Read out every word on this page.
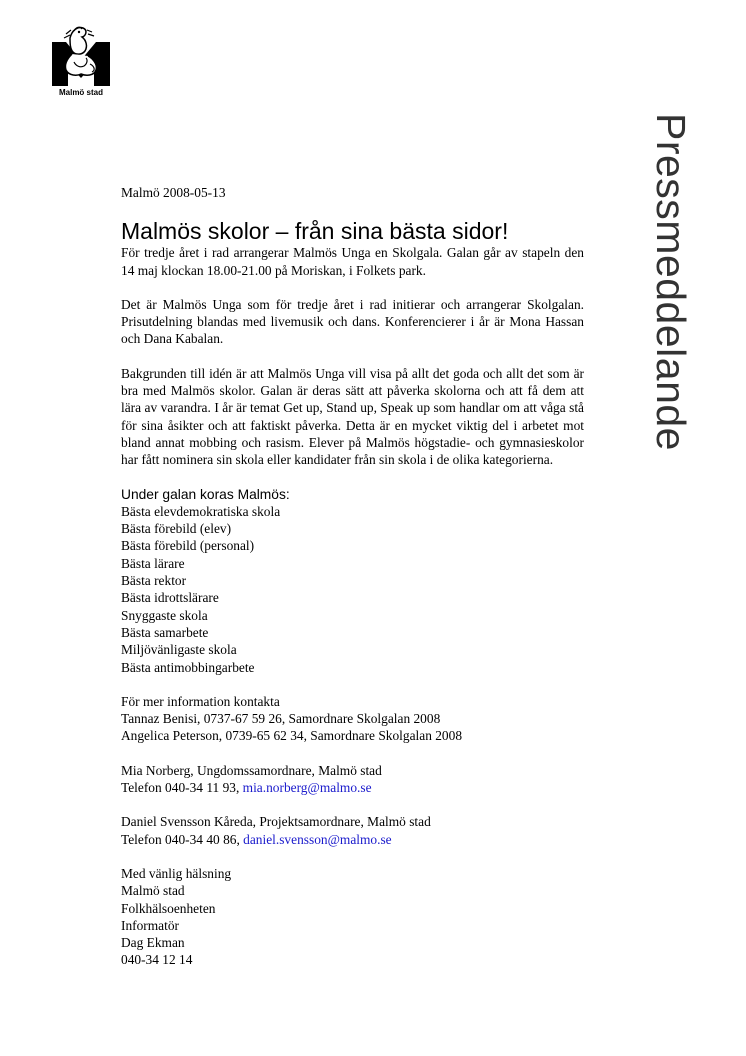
Malmö stad
Pressmeddelande

Malmö 2008-05-13

Malmös skolor – från sina bästa sidor!

För tredje året i rad arrangerar Malmös Unga en Skolgala. Galan går av stapeln den 14 maj klockan 18.00-21.00 på Moriskan, i Folkets park.

Det är Malmös Unga som för tredje året i rad initierar och arrangerar Skolgalan. Prisutdelning blandas med livemusik och dans. Konferencierer i år är Mona Hassan och Dana Kabalan.

Bakgrunden till idén är att Malmös Unga vill visa på allt det goda och allt det som är bra med Malmös skolor. Galan är deras sätt att påverka skolorna och att få dem att lära av varandra. I år är temat Get up, Stand up, Speak up som handlar om att våga stå för sina åsikter och att faktiskt påverka. Detta är en mycket viktig del i arbetet mot bland annat mobbing och rasism. Elever på Malmös högstadie- och gymnasieskolor har fått nominera sin skola eller kandidater från sin skola i de olika kategorierna.

Under galan koras Malmös:
Bästa elevdemokratiska skola
Bästa förebild (elev)
Bästa förebild (personal)
Bästa lärare
Bästa rektor
Bästa idrottslärare
Snyggaste skola
Bästa samarbete
Miljövänligaste skola
Bästa antimobbingarbete
För mer information kontakta
Tannaz Benisi, 0737-67 59 26, Samordnare Skolgalan 2008
Angelica Peterson, 0739-65 62 34, Samordnare Skolgalan 2008
Mia Norberg, Ungdomssamordnare, Malmö stad
Telefon 040-34 11 93, mia.norberg@malmo.se
Daniel Svensson Kåreda, Projektsamordnare, Malmö stad
Telefon 040-34 40 86, daniel.svensson@malmo.se
Med vänlig hälsning
Malmö stad
Folkhälsoenheten
Informatör
Dag Ekman
040-34 12 14
